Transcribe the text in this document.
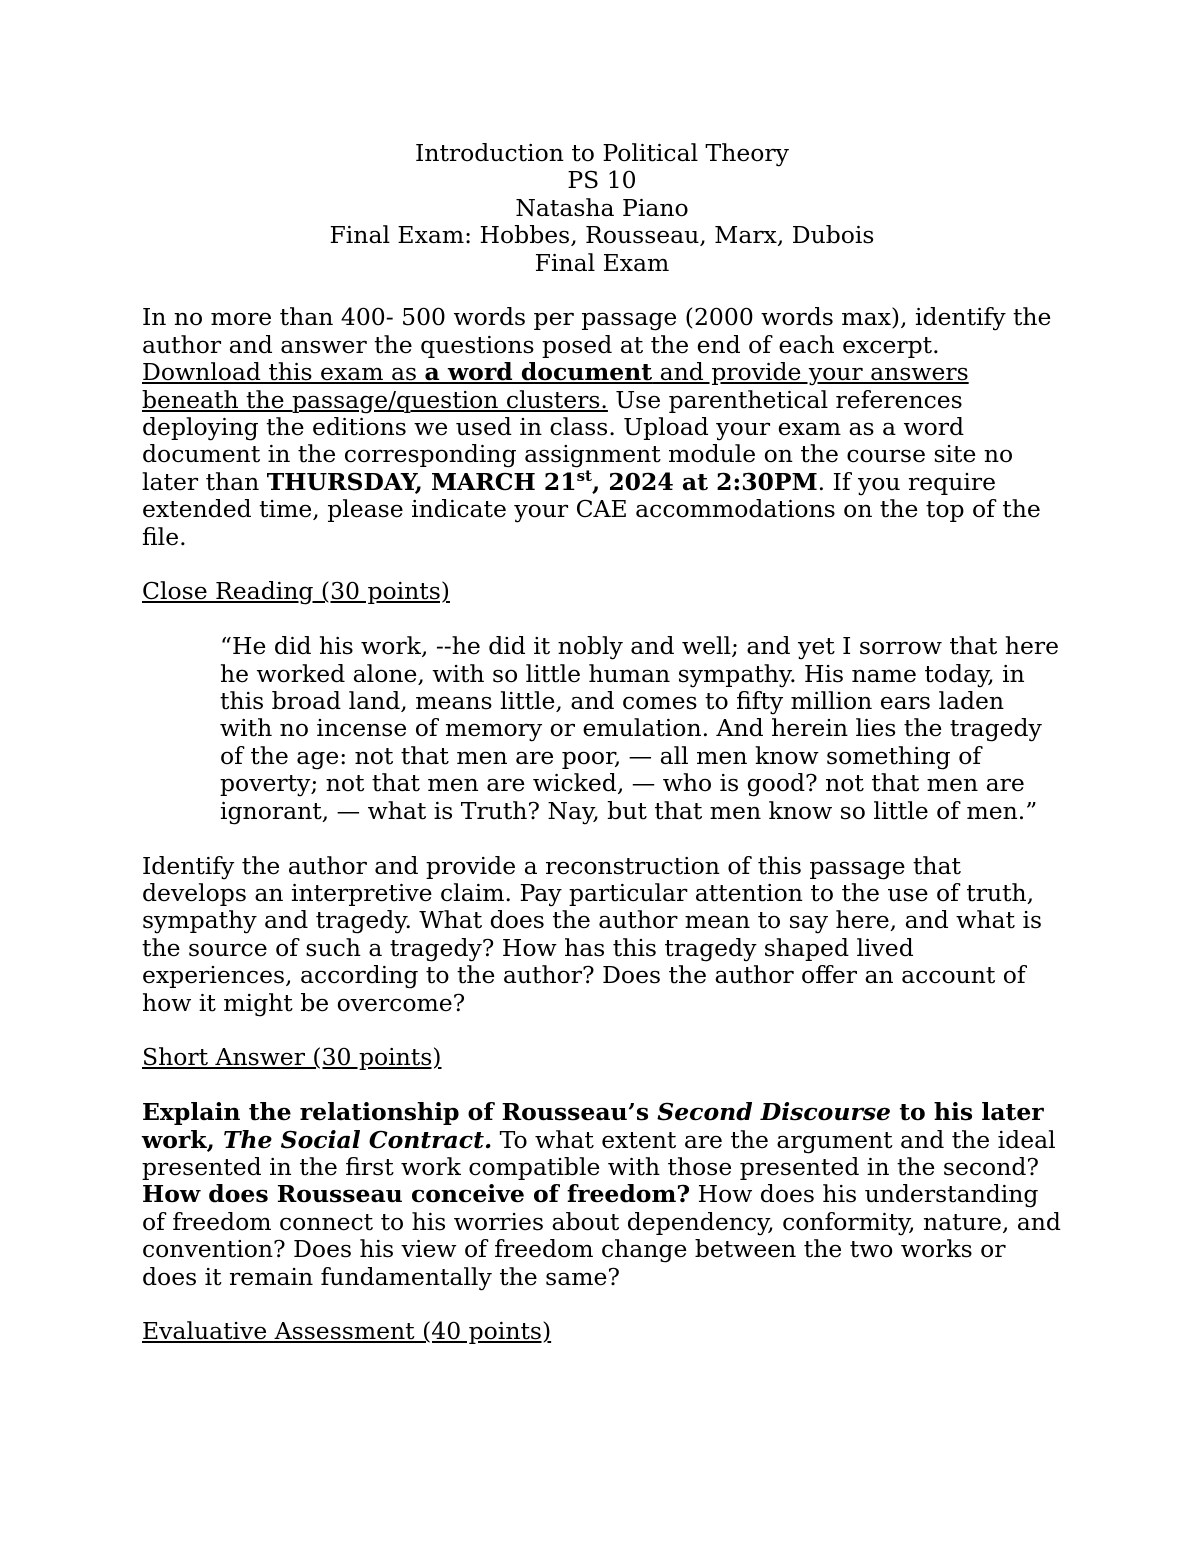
Introduction to Political Theory
PS 10
Natasha Piano
Final Exam: Hobbes, Rousseau, Marx, Dubois
Final Exam

In no more than 400- 500 words per passage (2000 words max), identify the author and answer the questions posed at the end of each excerpt. Download this exam as a word document and provide your answers beneath the passage/question clusters. Use parenthetical references deploying the editions we used in class. Upload your exam as a word document in the corresponding assignment module on the course site no later than THURSDAY, MARCH 21st, 2024 at 2:30PM. If you require extended time, please indicate your CAE accommodations on the top of the file.

Close Reading (30 points)
“He did his work, --he did it nobly and well; and yet I sorrow that here he worked alone, with so little human sympathy. His name today, in this broad land, means little, and comes to fifty million ears laden with no incense of memory or emulation. And herein lies the tragedy of the age: not that men are poor, — all men know something of poverty; not that men are wicked, — who is good? not that men are ignorant, — what is Truth? Nay, but that men know so little of men.”

Identify the author and provide a reconstruction of this passage that develops an interpretive claim. Pay particular attention to the use of truth, sympathy and tragedy. What does the author mean to say here, and what is the source of such a tragedy? How has this tragedy shaped lived experiences, according to the author? Does the author offer an account of how it might be overcome?

Short Answer (30 points)

Explain the relationship of Rousseau’s Second Discourse to his later work, The Social Contract. To what extent are the argument and the ideal presented in the first work compatible with those presented in the second? How does Rousseau conceive of freedom? How does his understanding of freedom connect to his worries about dependency, conformity, nature, and convention? Does his view of freedom change between the two works or does it remain fundamentally the same?

Evaluative Assessment (40 points)
